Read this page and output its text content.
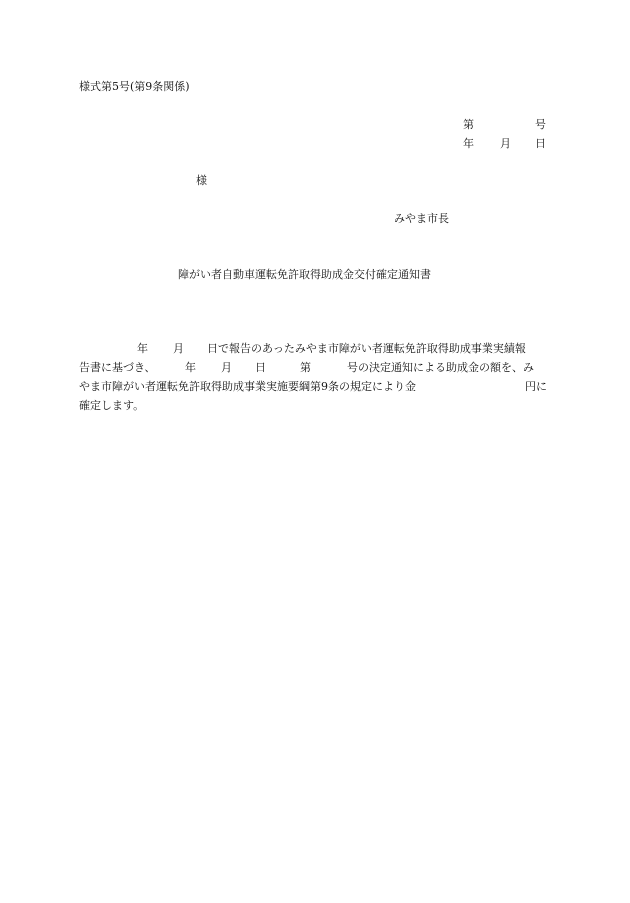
様式第5号(第9条関係)
第	号
年 月 日
様
みやま市長
障がい者自動車運転免許取得助成金交付確定通知書
年 月 日で報告のあったみやま市障がい者運転免許取得助成事業実績報
告書に基づき、	年 月 日	第	号の決定通知による助成金の額を、み
やま市障がい者運転免許取得助成事業実施要綱第9条の規定により金	円に
確定します。
